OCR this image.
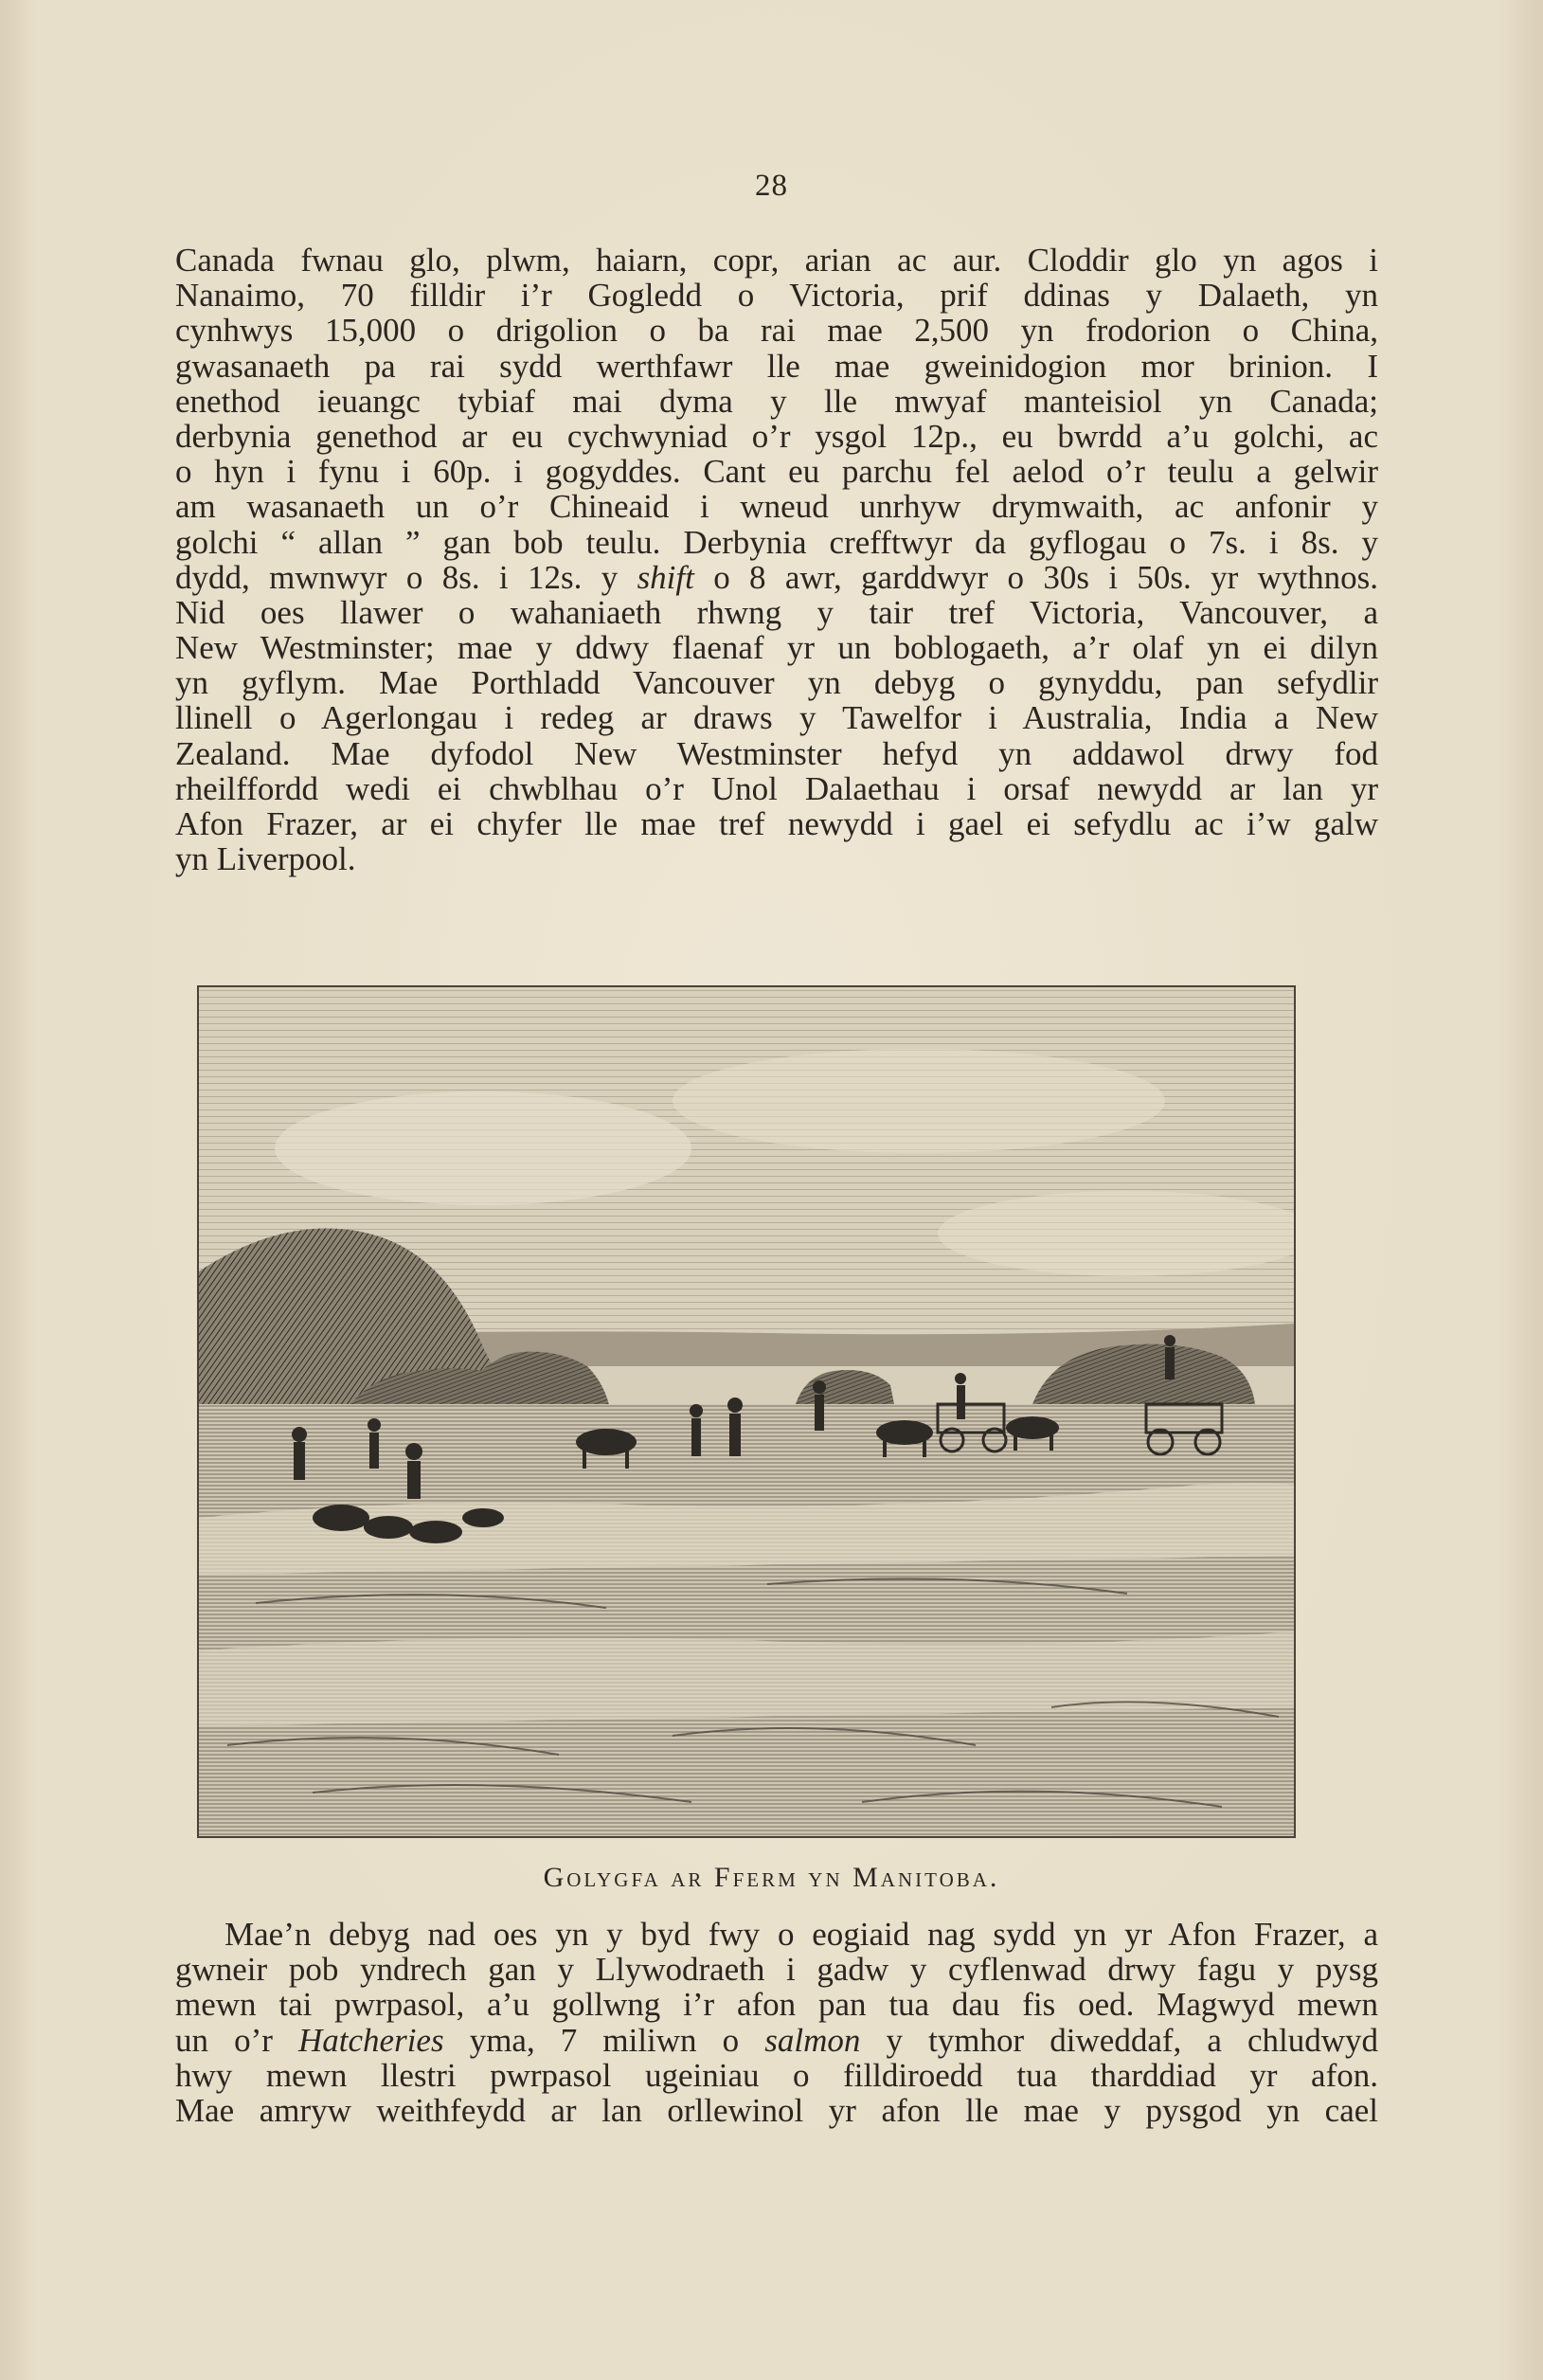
28
Canada fwnau glo, plwm, haiarn, copr, arian ac aur. Cloddir glo yn agos i
Nanaimo, 70 filldir i’r Gogledd o Victoria, prif ddinas y Dalaeth, yn
cynhwys 15,000 o drigolion o ba rai mae 2,500 yn frodorion o China,
gwasanaeth pa rai sydd werthfawr lle mae gweinidogion mor brinion. I
enethod ieuangc tybiaf mai dyma y lle mwyaf manteisiol yn Canada;
derbynia genethod ar eu cychwyniad o’r ysgol 12p., eu bwrdd a’u golchi, ac
o hyn i fynu i 60p. i gogyddes. Cant eu parchu fel aelod o’r teulu a gelwir
am wasanaeth un o’r Chineaid i wneud unrhyw drymwaith, ac anfonir y
golchi “ allan ” gan bob teulu. Derbynia crefftwyr da gyflogau o 7s. i 8s. y
dydd, mwnwyr o 8s. i 12s. y shift o 8 awr, garddwyr o 30s i 50s. yr wythnos.
Nid oes llawer o wahaniaeth rhwng y tair tref Victoria, Vancouver, a
New Westminster; mae y ddwy flaenaf yr un boblogaeth, a’r olaf yn ei dilyn
yn gyflym. Mae Porthladd Vancouver yn debyg o gynyddu, pan sefydlir
llinell o Agerlongau i redeg ar draws y Tawelfor i Australia, India a New
Zealand. Mae dyfodol New Westminster hefyd yn addawol drwy fod
rheilffordd wedi ei chwblhau o’r Unol Dalaethau i orsaf newydd ar lan yr
Afon Frazer, ar ei chyfer lle mae tref newydd i gael ei sefydlu ac i’w galw
yn Liverpool.
Golygfa ar Fferm yn Manitoba.
Mae’n debyg nad oes yn y byd fwy o eogiaid nag sydd yn yr Afon Frazer, a
gwneir pob yndrech gan y Llywodraeth i gadw y cyflenwad drwy fagu y pysg
mewn tai pwrpasol, a’u gollwng i’r afon pan tua dau fis oed. Magwyd mewn
un o’r Hatcheries yma, 7 miliwn o salmon y tymhor diweddaf, a chludwyd
hwy mewn llestri pwrpasol ugeiniau o filldiroedd tua tharddiad yr afon.
Mae amryw weithfeydd ar lan orllewinol yr afon lle mae y pysgod yn cael
